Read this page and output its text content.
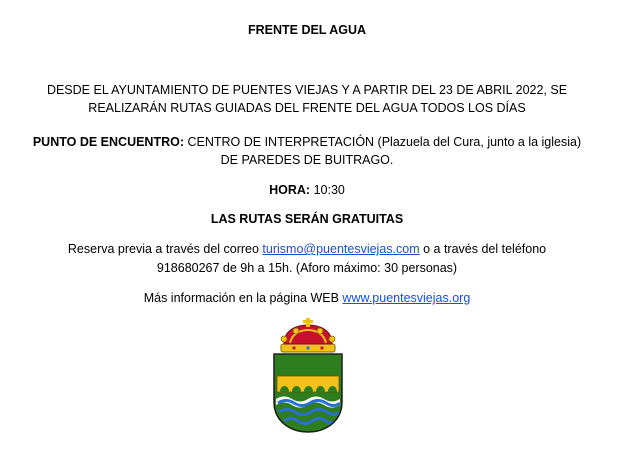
FRENTE DEL AGUA
DESDE EL AYUNTAMIENTO DE PUENTES VIEJAS Y A PARTIR DEL 23 DE ABRIL 2022, SE
REALIZARÁN RUTAS GUIADAS DEL FRENTE DEL AGUA TODOS LOS DÍAS
PUNTO DE ENCUENTRO: CENTRO DE INTERPRETACIÓN (Plazuela del Cura, junto a la iglesia)
DE PAREDES DE BUITRAGO.
HORA: 10:30
LAS RUTAS SERÁN GRATUITAS
Reserva previa a través del correo turismo@puentesviejas.com o a través del teléfono
918680267 de 9h a 15h. (Aforo máximo: 30 personas)
Más información en la página WEB www.puentesviejas.org
